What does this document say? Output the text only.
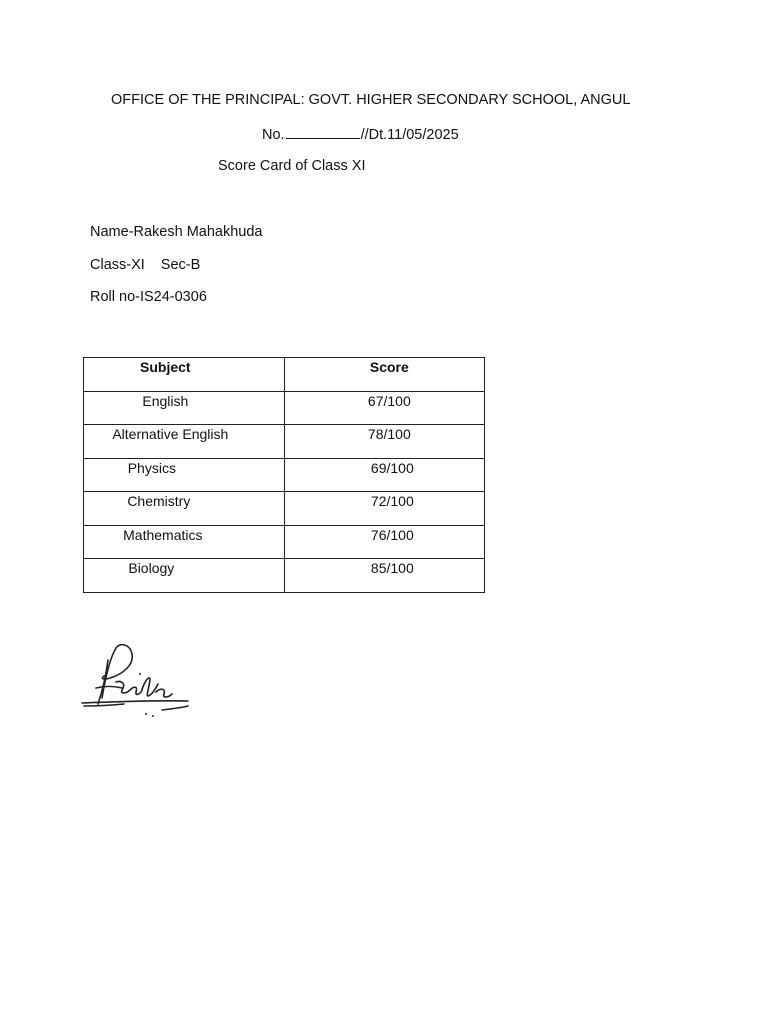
OFFICE OF THE PRINCIPAL: GOVT. HIGHER SECONDARY SCHOOL, ANGUL
No.	//Dt.11/05/2025
Score Card of Class XI
Name-Rakesh Mahakhuda
Class-XI Sec-B
Roll no-IS24-0306
Subject	Score

English	67/100

Alternative English	78/100

Physics	69/100

Chemistry	72/100

Mathematics	76/100

Biology	85/100
